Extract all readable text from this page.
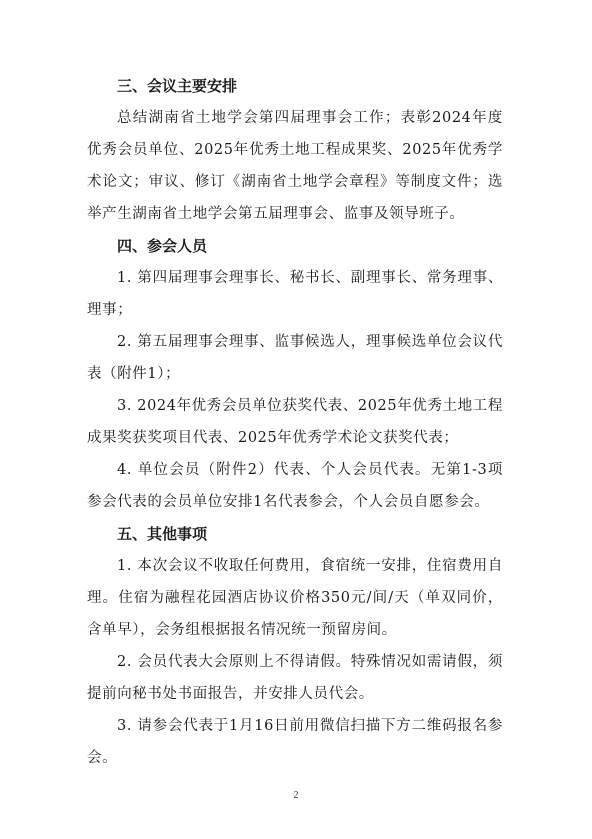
三、会议主要安排

总结湖南省土地学会第四届理事会工作；表彰2024年度优秀会员单位、2025年优秀土地工程成果奖、2025年优秀学术论文；审议、修订《湖南省土地学会章程》等制度文件；选举产生湖南省土地学会第五届理事会、监事及领导班子。

四、参会人员

1. 第四届理事会理事长、秘书长、副理事长、常务理事、理事；

2. 第五届理事会理事、监事候选人，理事候选单位会议代表（附件1）；

3. 2024年优秀会员单位获奖代表、2025年优秀土地工程成果奖获奖项目代表、2025年优秀学术论文获奖代表；

4. 单位会员（附件2）代表、个人会员代表。无第1-3项参会代表的会员单位安排1名代表参会，个人会员自愿参会。

五、其他事项

1. 本次会议不收取任何费用，食宿统一安排，住宿费用自理。住宿为融程花园酒店协议价格350元/间/天（单双同价，含单早），会务组根据报名情况统一预留房间。

2. 会员代表大会原则上不得请假。特殊情况如需请假，须提前向秘书处书面报告，并安排人员代会。

3. 请参会代表于1月16日前用微信扫描下方二维码报名参会。

2
